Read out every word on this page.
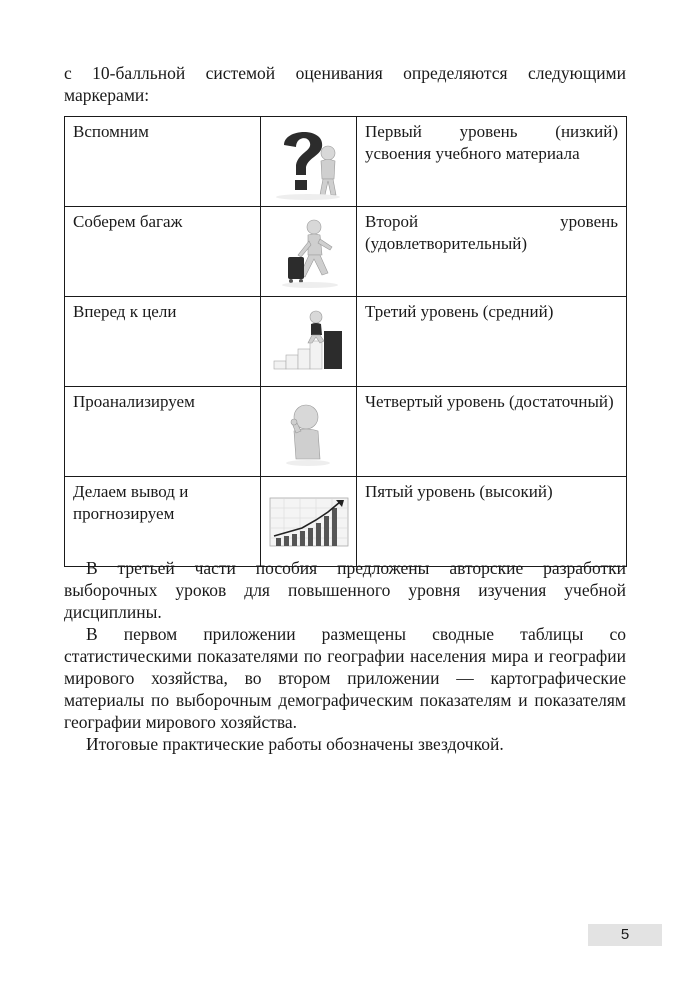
с 10-балльной системой оценивания определяются следующими маркерами:
Вспомним		Первый уровень (низкий) усвоения учебного материала
Соберем багаж		Второй уровень (удовлетворительный)
Вперед к цели		Третий уровень (средний)
Проанализируем		Четвертый уровень (достаточный)
Делаем вывод и прогнозируем		Пятый уровень (высокий)

В третьей части пособия предложены авторские разработки выборочных уроков для повышенного уровня изучения учебной дисциплины.

В первом приложении размещены сводные таблицы со статистическими показателями по географии населения мира и географии мирового хозяйства, во втором приложении — картографические материалы по выборочным демографическим показателям и показателям географии мирового хозяйства.

Итоговые практические работы обозначены звездочкой.

5
